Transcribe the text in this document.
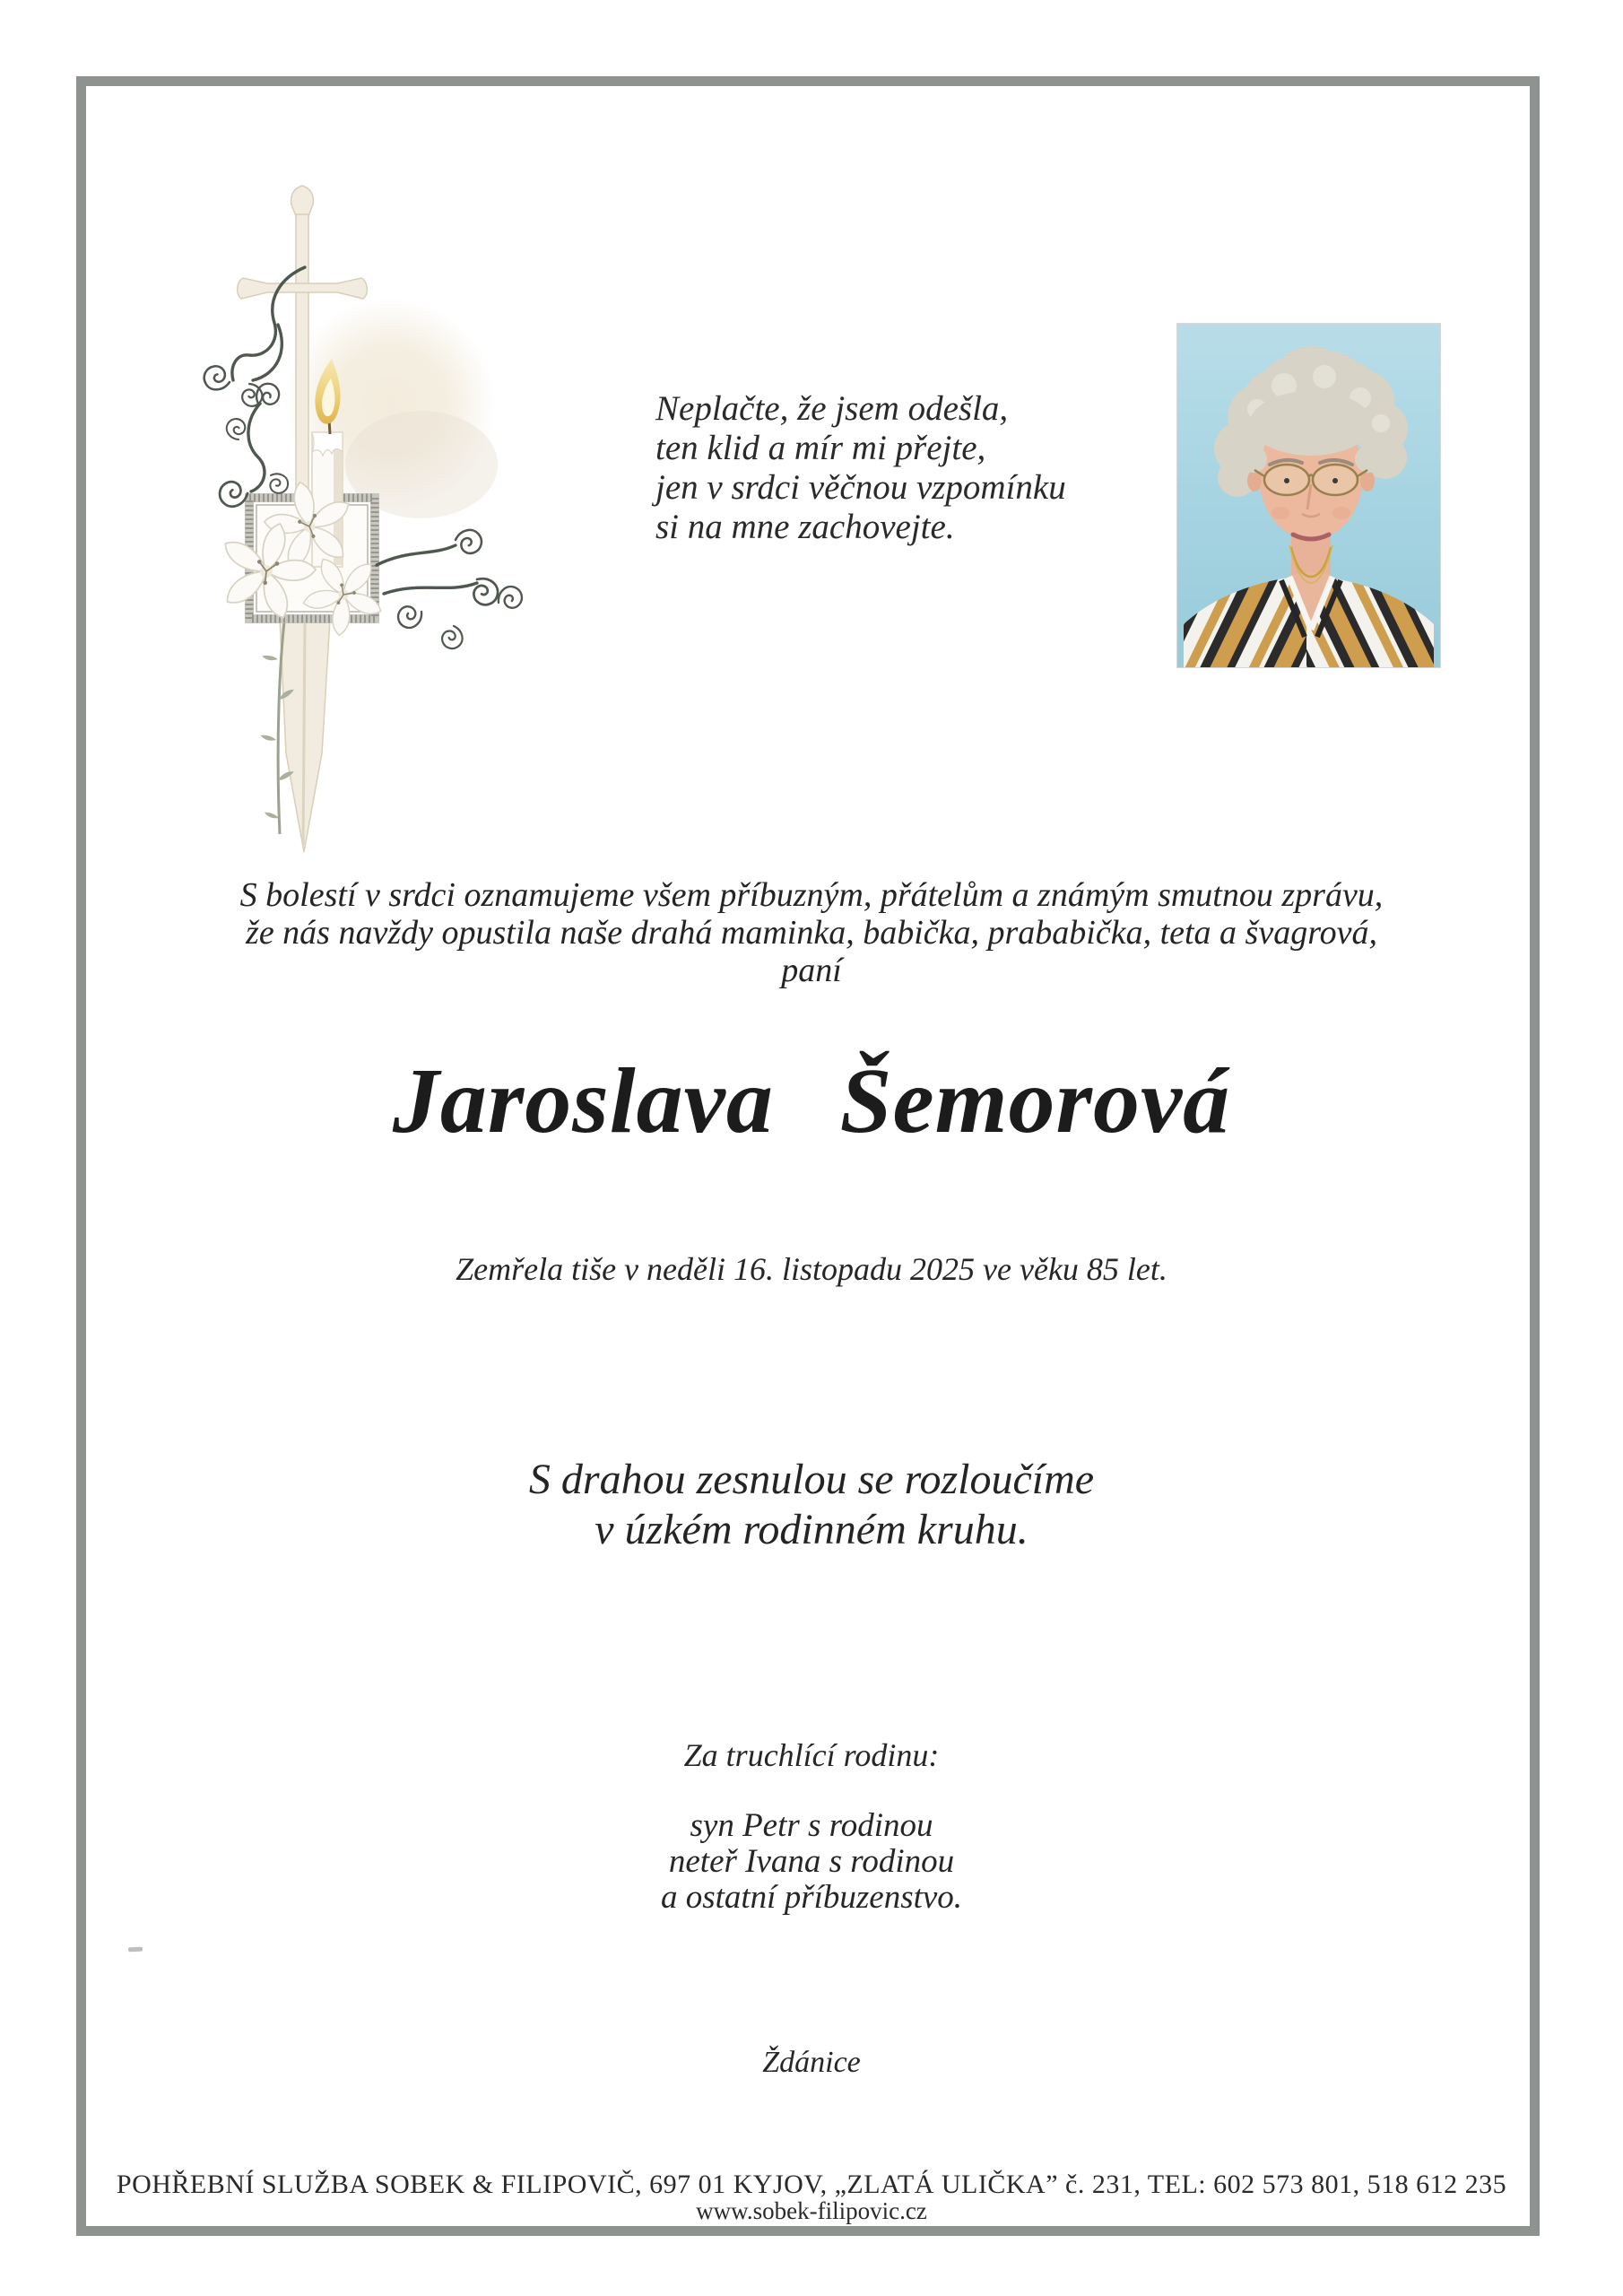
Neplačte, že jsem odešla,
ten klid a mír mi přejte,
jen v srdci věčnou vzpomínku
si na mne zachovejte.
S bolestí v srdci oznamujeme všem příbuzným, přátelům a známým smutnou zprávu,
že nás navždy opustila naše drahá maminka, babička, prababička, teta a švagrová,
paní
Jaroslava Šemorová
Zemřela tiše v neděli 16. listopadu 2025 ve věku 85 let.
S drahou zesnulou se rozloučíme
v úzkém rodinném kruhu.
Za truchlící rodinu:
syn Petr s rodinou
neteř Ivana s rodinou
a ostatní příbuzenstvo.
Ždánice
POHŘEBNÍ SLUŽBA SOBEK & FILIPOVIČ, 697 01 KYJOV, „ZLATÁ ULIČKA” č. 231, TEL: 602 573 801, 518 612 235
www.sobek-filipovic.cz
